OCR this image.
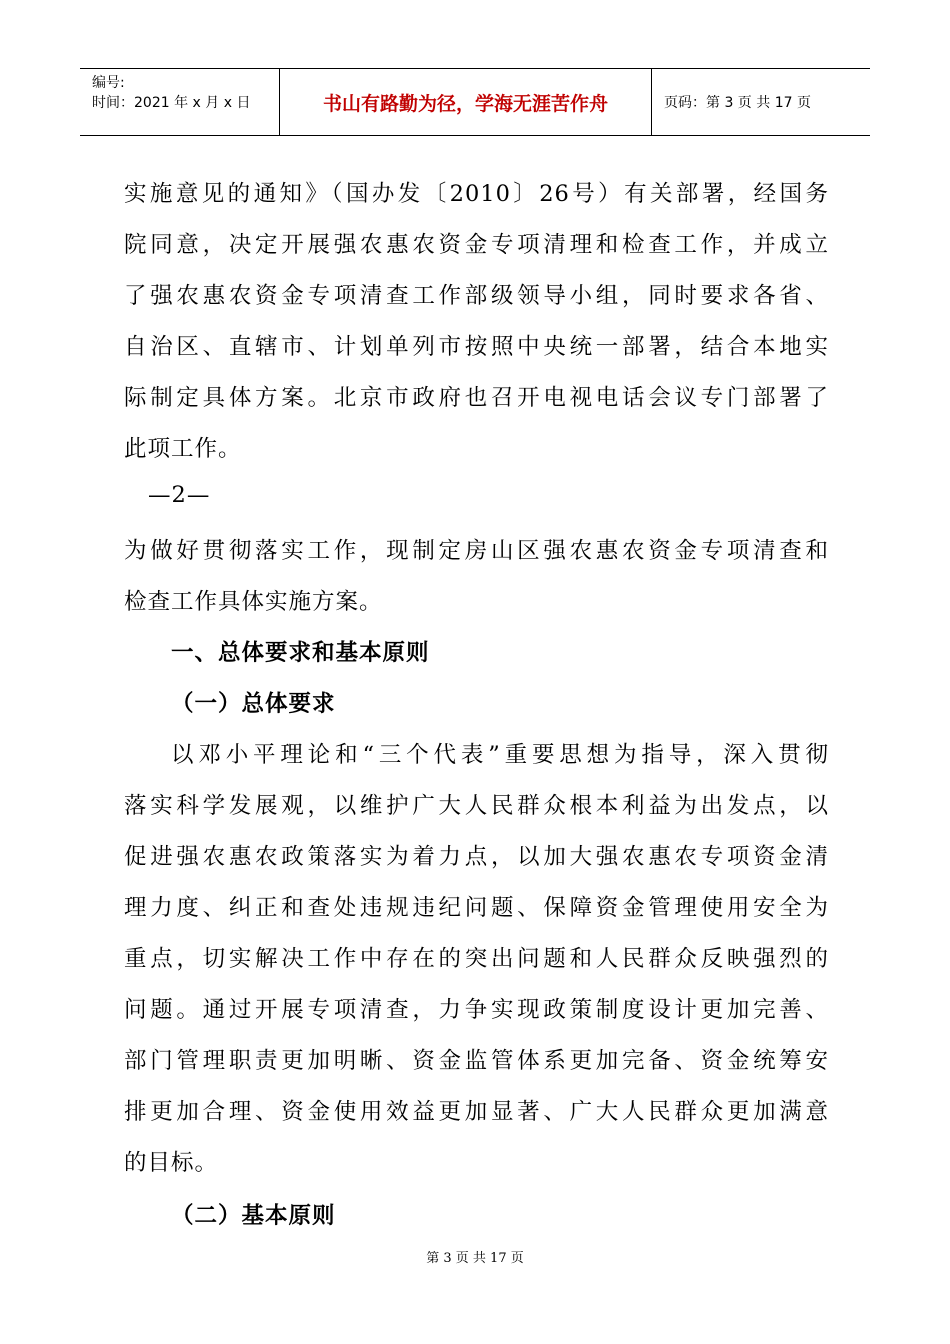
编号:
时间：2021 年 x 月 x 日	书山有路勤为径，学海无涯苦作舟	页码：第 3 页 共 17 页
实施意见的通知》（国办发〔2010〕26号）有关部署，经国务
院同意，决定开展强农惠农资金专项清理和检查工作，并成立
了强农惠农资金专项清查工作部级领导小组，同时要求各省、
自治区、直辖市、计划单列市按照中央统一部署，结合本地实
际制定具体方案。北京市政府也召开电视电话会议专门部署了
此项工作。
—2—
为做好贯彻落实工作，现制定房山区强农惠农资金专项清查和
检查工作具体实施方案。
一、总体要求和基本原则
（一）总体要求
以邓小平理论和“三个代表”重要思想为指导，深入贯彻
落实科学发展观，以维护广大人民群众根本利益为出发点，以
促进强农惠农政策落实为着力点，以加大强农惠农专项资金清
理力度、纠正和查处违规违纪问题、保障资金管理使用安全为
重点，切实解决工作中存在的突出问题和人民群众反映强烈的
问题。通过开展专项清查，力争实现政策制度设计更加完善、
部门管理职责更加明晰、资金监管体系更加完备、资金统筹安
排更加合理、资金使用效益更加显著、广大人民群众更加满意
的目标。
（二）基本原则
第 3 页 共 17 页
